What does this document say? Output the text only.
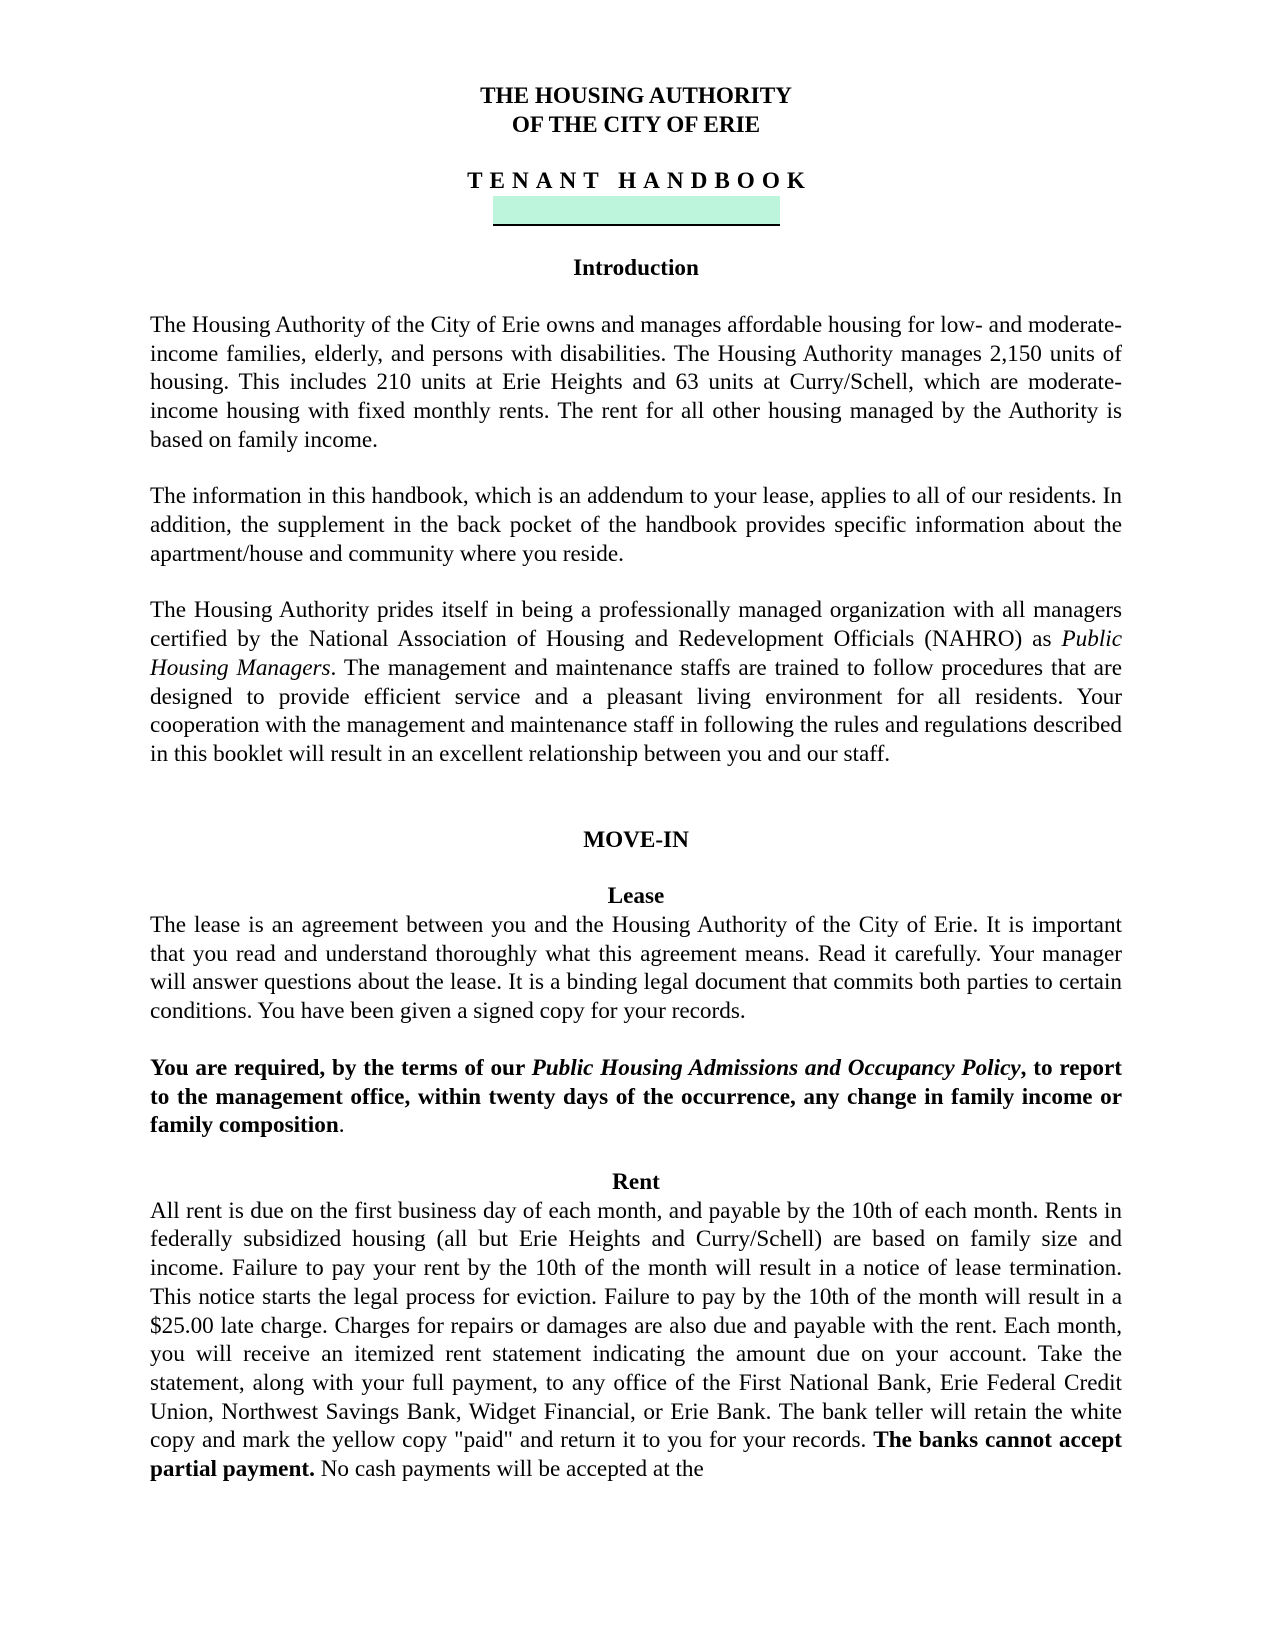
THE HOUSING AUTHORITY
OF THE CITY OF ERIE
TENANT HANDBOOK
Introduction

The Housing Authority of the City of Erie owns and manages affordable housing for low- and moderate-income families, elderly, and persons with disabilities. The Housing Authority manages 2,150 units of housing. This includes 210 units at Erie Heights and 63 units at Curry/Schell, which are moderate-income housing with fixed monthly rents. The rent for all other housing managed by the Authority is based on family income.

The information in this handbook, which is an addendum to your lease, applies to all of our residents. In addition, the supplement in the back pocket of the handbook provides specific information about the apartment/house and community where you reside.

The Housing Authority prides itself in being a professionally managed organization with all managers certified by the National Association of Housing and Redevelopment Officials (NAHRO) as Public Housing Managers. The management and maintenance staffs are trained to follow procedures that are designed to provide efficient service and a pleasant living environment for all residents. Your cooperation with the management and maintenance staff in following the rules and regulations described in this booklet will result in an excellent relationship between you and our staff.

MOVE-IN
Lease

The lease is an agreement between you and the Housing Authority of the City of Erie. It is important that you read and understand thoroughly what this agreement means. Read it carefully. Your manager will answer questions about the lease. It is a binding legal document that commits both parties to certain conditions. You have been given a signed copy for your records.

You are required, by the terms of our Public Housing Admissions and Occupancy Policy, to report to the management office, within twenty days of the occurrence, any change in family income or family composition.

Rent

All rent is due on the first business day of each month, and payable by the 10th of each month. Rents in federally subsidized housing (all but Erie Heights and Curry/Schell) are based on family size and income. Failure to pay your rent by the 10th of the month will result in a notice of lease termination. This notice starts the legal process for eviction. Failure to pay by the 10th of the month will result in a $25.00 late charge. Charges for repairs or damages are also due and payable with the rent. Each month, you will receive an itemized rent statement indicating the amount due on your account. Take the statement, along with your full payment, to any office of the First National Bank, Erie Federal Credit Union, Northwest Savings Bank, Widget Financial, or Erie Bank. The bank teller will retain the white copy and mark the yellow copy "paid" and return it to you for your records. The banks cannot accept partial payment. No cash payments will be accepted at the
